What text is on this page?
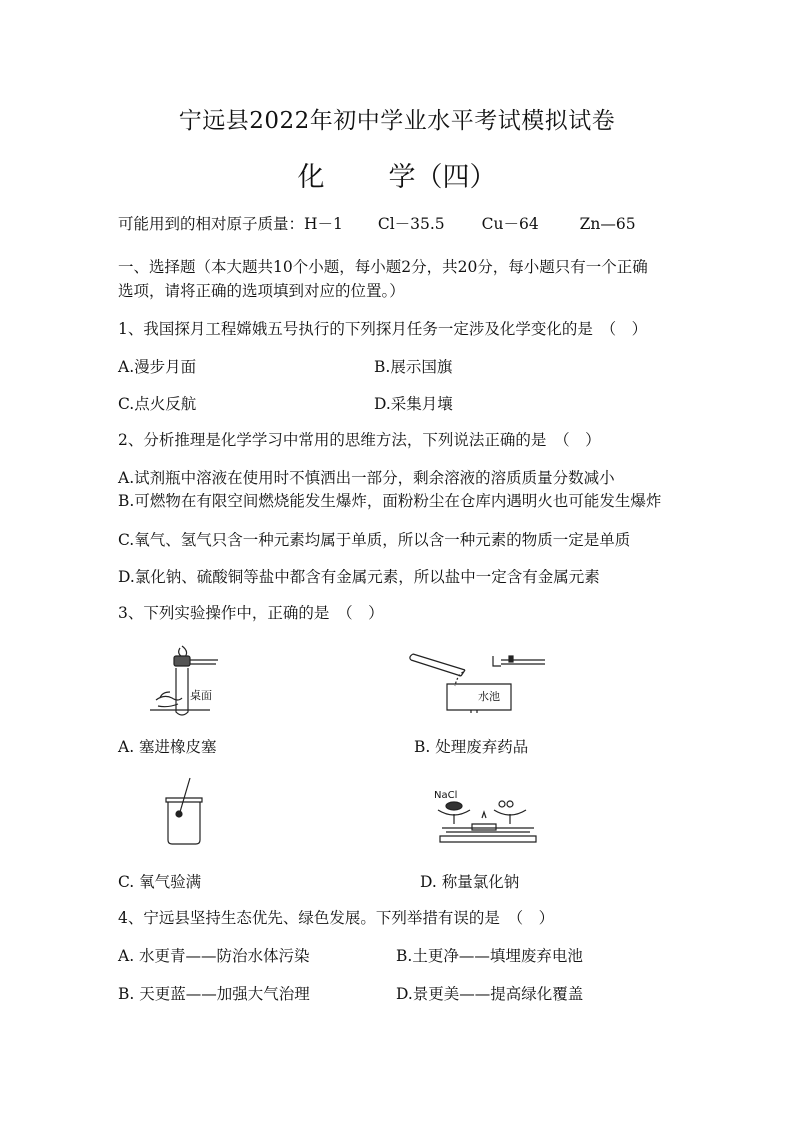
宁远县2022年初中学业水平考试模拟试卷
化 学（四）
可能用到的相对原子质量：H－1 Cl－35.5 Cu－64	Zn—65
一、选择题（本大题共10个小题，每小题2分，共20分，每小题只有一个正确
选项，请将正确的选项填到对应的位置。）
1、我国探月工程嫦娥五号执行的下列探月任务一定涉及化学变化的是　（　）
A.漫步月面	B.展示国旗
C.点火反航	D.采集月壤
2、分析推理是化学学习中常用的思维方法，下列说法正确的是　（　）
A.试剂瓶中溶液在使用时不慎洒出一部分，剩余溶液的溶质质量分数减小
B.可燃物在有限空间燃烧能发生爆炸，面粉粉尘在仓库内遇明火也可能发生爆炸
C.氧气、氢气只含一种元素均属于单质，所以含一种元素的物质一定是单质
D.氯化钠、硫酸铜等盐中都含有金属元素，所以盐中一定含有金属元素
3、下列实验操作中，正确的是　（　）
桌面	水池
A. 塞进橡皮塞	B. 处理废弃药品
NaCl
C. 氧气验满	D. 称量氯化钠
4、宁远县坚持生态优先、绿色发展。下列举措有误的是　（　）
A. 水更青——防治水体污染	B.土更净——填埋废弃电池
B. 天更蓝——加强大气治理	D.景更美——提高绿化覆盖
